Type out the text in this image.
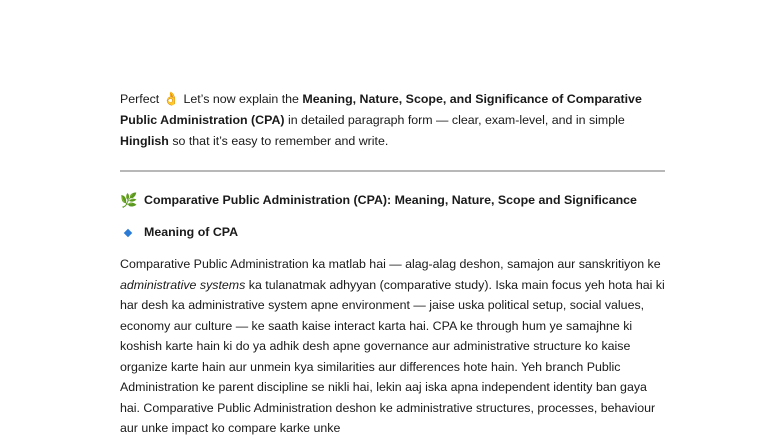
Perfect 👌 Let’s now explain the Meaning, Nature, Scope, and Significance of Comparative Public Administration (CPA) in detailed paragraph form — clear, exam-level, and in simple Hinglish so that it’s easy to remember and write.

🌿 Comparative Public Administration (CPA): Meaning, Nature, Scope and Significance
Meaning of CPA

Comparative Public Administration ka matlab hai — alag-alag deshon, samajon aur sanskritiyon ke administrative systems ka tulanatmak adhyyan (comparative study). Iska main focus yeh hota hai ki har desh ka administrative system apne environment — jaise uska political setup, social values, economy aur culture — ke saath kaise interact karta hai. CPA ke through hum ye samajhne ki koshish karte hain ki do ya adhik desh apne governance aur administrative structure ko kaise organize karte hain aur unmein kya similarities aur differences hote hain. Yeh branch Public Administration ke parent discipline se nikli hai, lekin aaj iska apna independent identity ban gaya hai. Comparative Public Administration deshon ke administrative structures, processes, behaviour aur unke impact ko compare karke unke
